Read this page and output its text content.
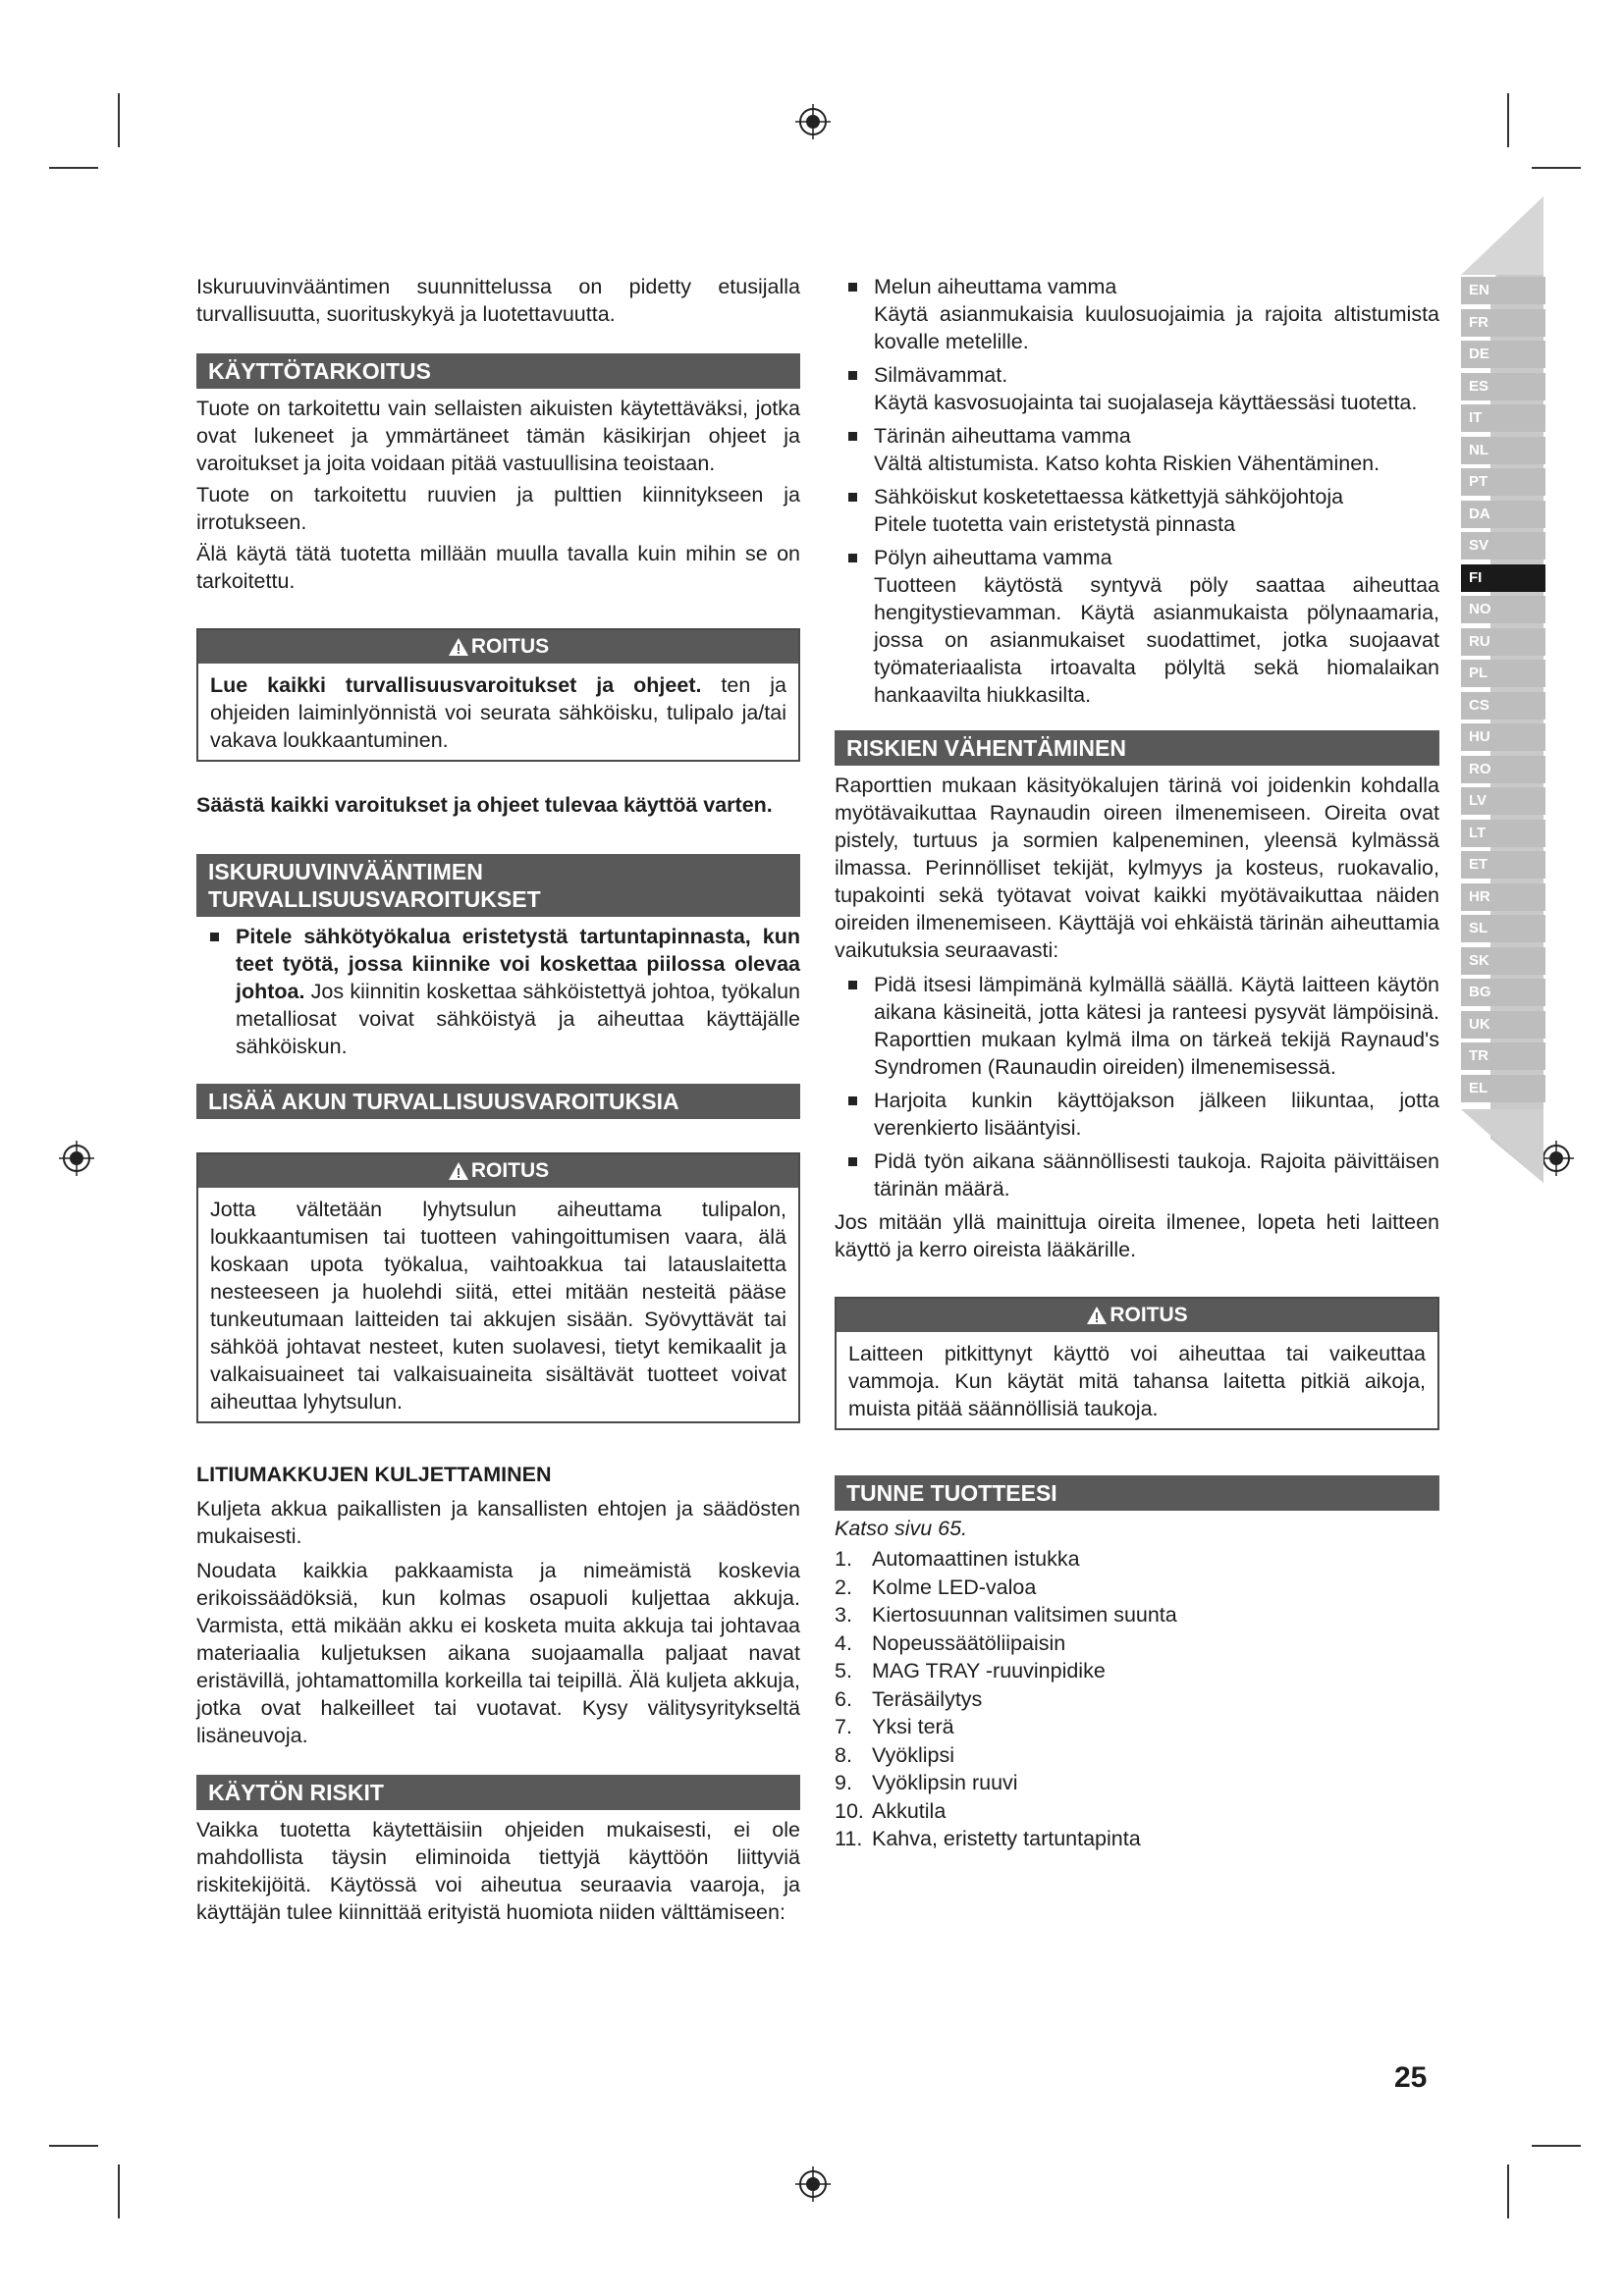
EN
FR
DE
ES
IT
NL
PT
DA
SV
FI
NO
RU
PL
CS
HU
RO
LV
LT
ET
HR
SL
SK
BG
UK
TR
EL

Iskuruuvinvääntimen suunnittelussa on pidetty etusijalla turvallisuutta, suorituskykyä ja luotettavuutta.

KÄYTTÖTARKOITUS

Tuote on tarkoitettu vain sellaisten aikuisten käytettäväksi, jotka ovat lukeneet ja ymmärtäneet tämän käsikirjan ohjeet ja varoitukset ja joita voidaan pitää vastuullisina teoistaan.

Tuote on tarkoitettu ruuvien ja pulttien kiinnitykseen ja irrotukseen.

Älä käytä tätä tuotetta millään muulla tavalla kuin mihin se on tarkoitettu.

ROITUS
Lue kaikki turvallisuusvaroitukset ja ohjeet. ten ja ohjeiden laiminlyönnistä voi seurata sähköisku, tulipalo ja/tai vakava loukkaantuminen.

Säästä kaikki varoitukset ja ohjeet tulevaa käyttöä varten.

ISKURUUVINVÄÄNTIMEN TURVALLISUUSVAROITUKSET
Pitele sähkötyökalua eristetystä tartuntapinnasta, kun teet työtä, jossa kiinnike voi koskettaa piilossa olevaa johtoa. Jos kiinnitin koskettaa sähköistettyä johtoa, työkalun metalliosat voivat sähköistyä ja aiheuttaa käyttäjälle sähköiskun.
LISÄÄ AKUN TURVALLISUUSVAROITUKSIA
ROITUS
Jotta vältetään lyhytsulun aiheuttama tulipalon, loukkaantumisen tai tuotteen vahingoittumisen vaara, älä koskaan upota työkalua, vaihtoakkua tai latauslaitetta nesteeseen ja huolehdi siitä, ettei mitään nesteitä pääse tunkeutumaan laitteiden tai akkujen sisään. Syövyttävät tai sähköä johtavat nesteet, kuten suolavesi, tietyt kemikaalit ja valkaisuaineet tai valkaisuaineita sisältävät tuotteet voivat aiheuttaa lyhytsulun.
LITIUMAKKUJEN KULJETTAMINEN

Kuljeta akkua paikallisten ja kansallisten ehtojen ja säädösten mukaisesti.

Noudata kaikkia pakkaamista ja nimeämistä koskevia erikoissäädöksiä, kun kolmas osapuoli kuljettaa akkuja. Varmista, että mikään akku ei kosketa muita akkuja tai johtavaa materiaalia kuljetuksen aikana suojaamalla paljaat navat eristävillä, johtamattomilla korkeilla tai teipillä. Älä kuljeta akkuja, jotka ovat halkeilleet tai vuotavat. Kysy välitysyritykseltä lisäneuvoja.

KÄYTÖN RISKIT

Vaikka tuotetta käytettäisiin ohjeiden mukaisesti, ei ole mahdollista täysin eliminoida tiettyjä käyttöön liittyviä riskitekijöitä. Käytössä voi aiheutua seuraavia vaaroja, ja käyttäjän tulee kiinnittää erityistä huomiota niiden välttämiseen:

Melun aiheuttama vamma
Käytä asianmukaisia kuulosuojaimia ja rajoita altistumista kovalle metelille.
Silmävammat.
Käytä kasvosuojainta tai suojalaseja käyttäessäsi tuotetta.
Tärinän aiheuttama vamma
Vältä altistumista. Katso kohta Riskien Vähentäminen.
Sähköiskut kosketettaessa kätkettyjä sähköjohtoja
Pitele tuotetta vain eristetystä pinnasta
Pölyn aiheuttama vamma
Tuotteen käytöstä syntyvä pöly saattaa aiheuttaa hengitystievamman. Käytä asianmukaista pölynaamaria, jossa on asianmukaiset suodattimet, jotka suojaavat työmateriaalista irtoavalta pölyltä sekä hiomalaikan hankaavilta hiukkasilta.
RISKIEN VÄHENTÄMINEN

Raporttien mukaan käsityökalujen tärinä voi joidenkin kohdalla myötävaikuttaa Raynaudin oireen ilmenemiseen. Oireita ovat pistely, turtuus ja sormien kalpeneminen, yleensä kylmässä ilmassa. Perinnölliset tekijät, kylmyys ja kosteus, ruokavalio, tupakointi sekä työtavat voivat kaikki myötävaikuttaa näiden oireiden ilmenemiseen. Käyttäjä voi ehkäistä tärinän aiheuttamia vaikutuksia seuraavasti:

Pidä itsesi lämpimänä kylmällä säällä. Käytä laitteen käytön aikana käsineitä, jotta kätesi ja ranteesi pysyvät lämpöisinä. Raporttien mukaan kylmä ilma on tärkeä tekijä Raynaud's Syndromen (Raunaudin oireiden) ilmenemisessä.
Harjoita kunkin käyttöjakson jälkeen liikuntaa, jotta verenkierto lisääntyisi.
Pidä työn aikana säännöllisesti taukoja. Rajoita päivittäisen tärinän määrä.

Jos mitään yllä mainittuja oireita ilmenee, lopeta heti laitteen käyttö ja kerro oireista lääkärille.

ROITUS
Laitteen pitkittynyt käyttö voi aiheuttaa tai vaikeuttaa vammoja. Kun käytät mitä tahansa laitetta pitkiä aikoja, muista pitää säännöllisiä taukoja.
TUNNE TUOTTEESI
Katso sivu 65.
1. Automaattinen istukka
2. Kolme LED-valoa
3. Kiertosuunnan valitsimen suunta
4. Nopeussäätöliipaisin
5. MAG TRAY -ruuvinpidike
6. Teräsäilytys
7. Yksi terä
8. Vyöklipsi
9. Vyöklipsin ruuvi
10. Akkutila
11. Kahva, eristetty tartuntapinta
25
